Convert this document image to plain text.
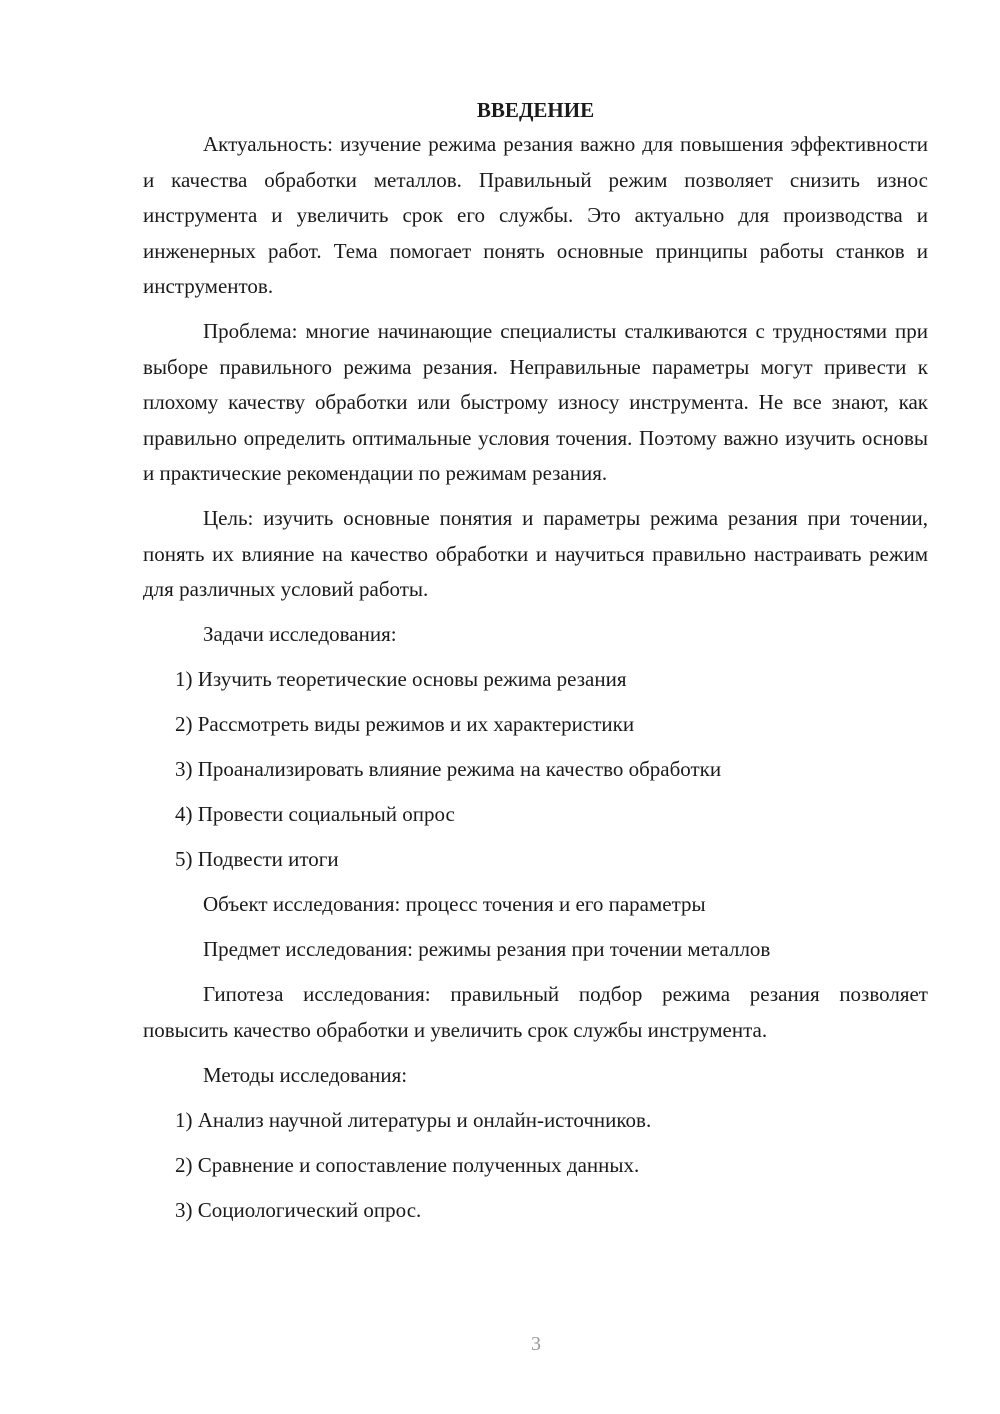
ВВЕДЕНИЕ

Актуальность: изучение режима резания важно для повышения эффективности и качества обработки металлов. Правильный режим позволяет снизить износ инструмента и увеличить срок его службы. Это актуально для производства и инженерных работ. Тема помогает понять основные принципы работы станков и инструментов.

Проблема: многие начинающие специалисты сталкиваются с трудностями при выборе правильного режима резания. Неправильные параметры могут привести к плохому качеству обработки или быстрому износу инструмента. Не все знают, как правильно определить оптимальные условия точения. Поэтому важно изучить основы и практические рекомендации по режимам резания.

Цель: изучить основные понятия и параметры режима резания при точении, понять их влияние на качество обработки и научиться правильно настраивать режим для различных условий работы.

Задачи исследования:
1) Изучить теоретические основы режима резания
2) Рассмотреть виды режимов и их характеристики
3) Проанализировать влияние режима на качество обработки
4) Провести социальный опрос
5) Подвести итоги
Объект исследования: процесс точения и его параметры
Предмет исследования: режимы резания при точении металлов

Гипотеза исследования: правильный подбор режима резания позволяет повысить качество обработки и увеличить срок службы инструмента.

Методы исследования:
1) Анализ научной литературы и онлайн-источников.
2) Сравнение и сопоставление полученных данных.
3) Социологический опрос.
3
